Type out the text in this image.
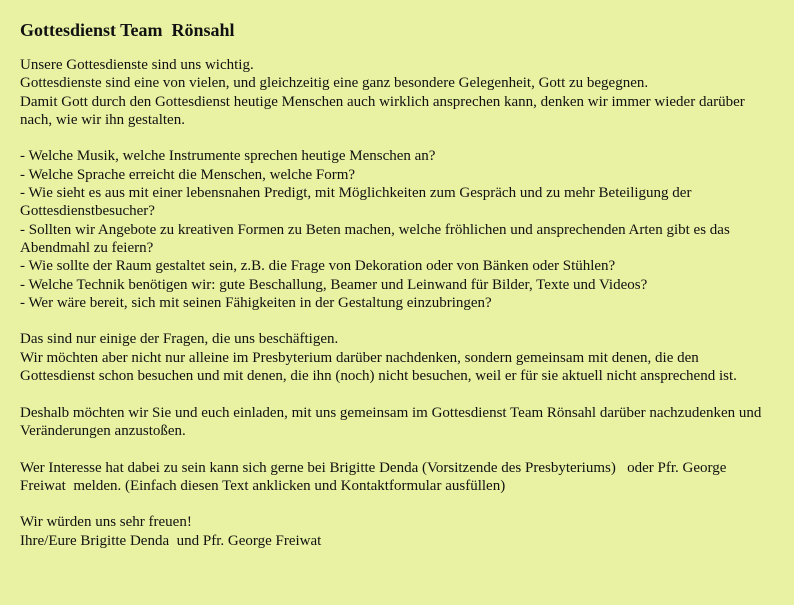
Gottesdienst Team  Rönsahl

Unsere Gottesdienste sind uns wichtig.
Gottesdienste sind eine von vielen, und gleichzeitig eine ganz besondere Gelegenheit, Gott zu begegnen.
Damit Gott durch den Gottesdienst heutige Menschen auch wirklich ansprechen kann, denken wir immer wieder darüber nach, wie wir ihn gestalten.

- Welche Musik, welche Instrumente sprechen heutige Menschen an?
- Welche Sprache erreicht die Menschen, welche Form?
- Wie sieht es aus mit einer lebensnahen Predigt, mit Möglichkeiten zum Gespräch und zu mehr Beteiligung der Gottesdienstbesucher?
- Sollten wir Angebote zu kreativen Formen zu Beten machen, welche fröhlichen und ansprechenden Arten gibt es das Abendmahl zu feiern?
- Wie sollte der Raum gestaltet sein, z.B. die Frage von Dekoration oder von Bänken oder Stühlen?
- Welche Technik benötigen wir: gute Beschallung, Beamer und Leinwand für Bilder, Texte und Videos?
- Wer wäre bereit, sich mit seinen Fähigkeiten in der Gestaltung einzubringen?

Das sind nur einige der Fragen, die uns beschäftigen.
Wir möchten aber nicht nur alleine im Presbyterium darüber nachdenken, sondern gemeinsam mit denen, die den Gottesdienst schon besuchen und mit denen, die ihn (noch) nicht besuchen, weil er für sie aktuell nicht ansprechend ist.

Deshalb möchten wir Sie und euch einladen, mit uns gemeinsam im Gottesdienst Team Rönsahl darüber nachzudenken und Veränderungen anzustoßen.

Wer Interesse hat dabei zu sein kann sich gerne bei Brigitte Denda (Vorsitzende des Presbyteriums)   oder Pfr. George Freiwat  melden. (Einfach diesen Text anklicken und Kontaktformular ausfüllen)

Wir würden uns sehr freuen!
Ihre/Eure Brigitte Denda  und Pfr. George Freiwat
